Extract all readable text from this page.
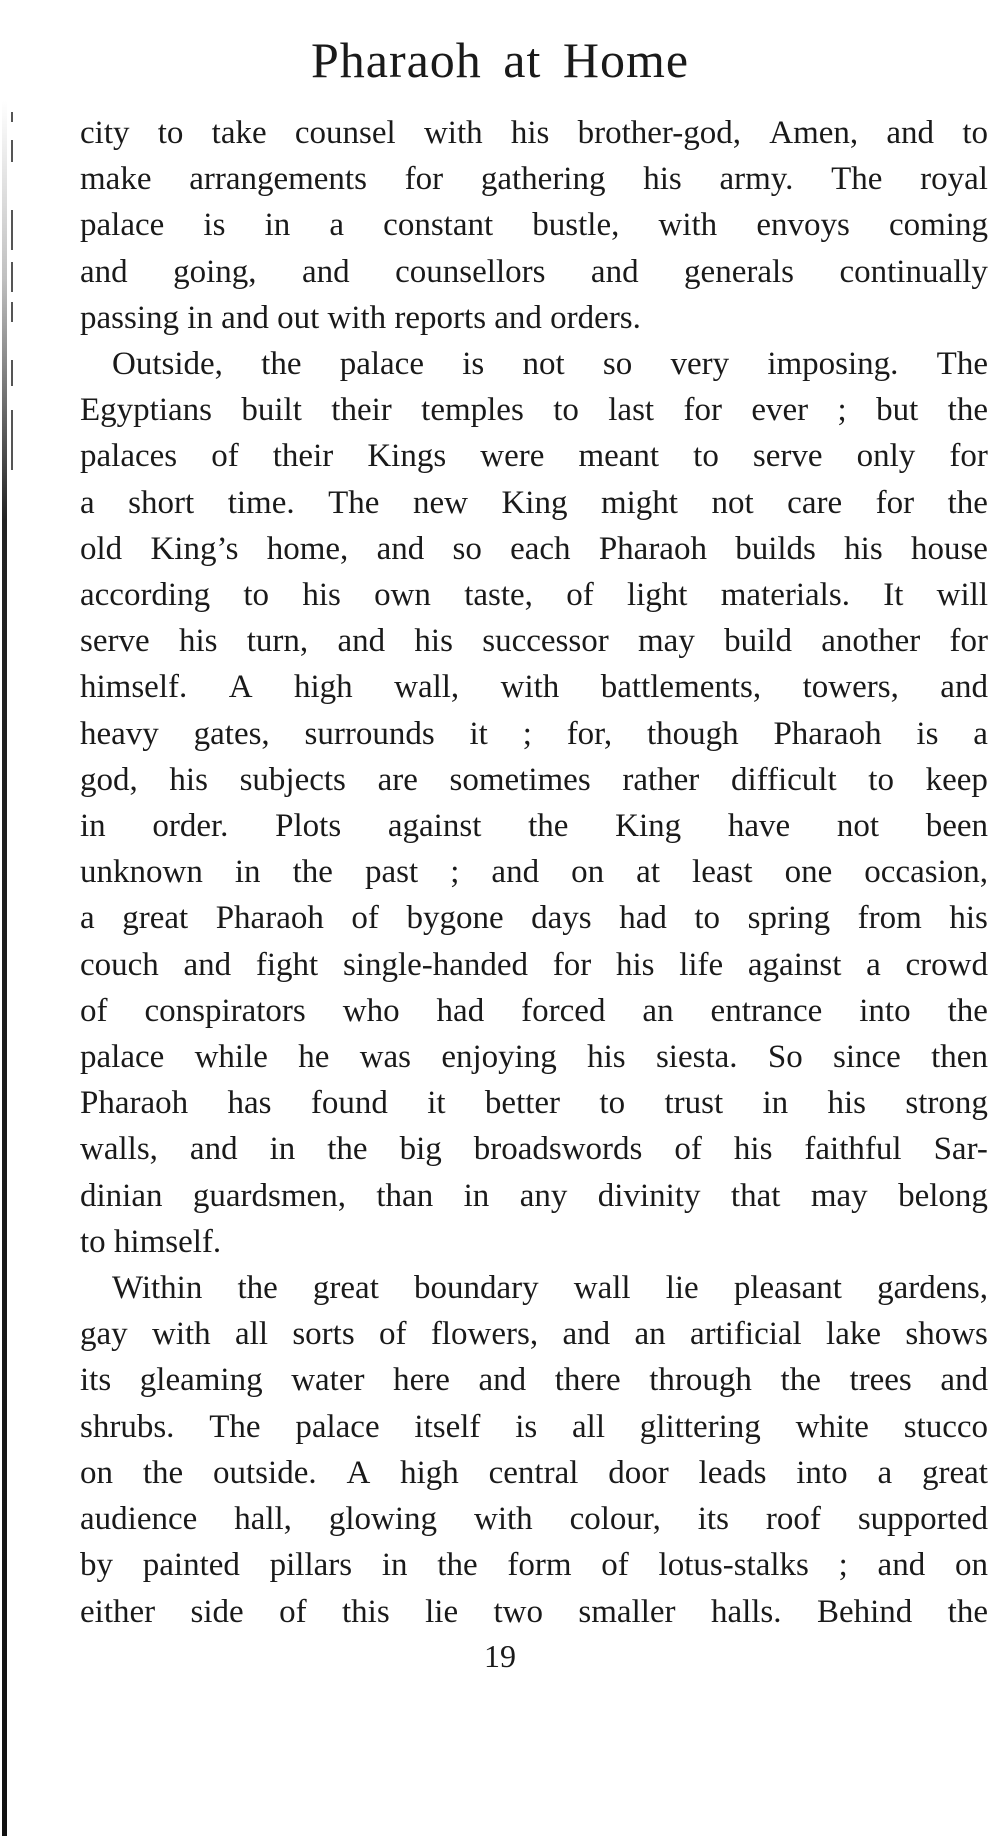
Pharaoh at Home

city to take counsel with his brother-god, Amen, and to
make arrangements for gathering his army. The royal
palace is in a constant bustle, with envoys coming
and going, and counsellors and generals continually
passing in and out with reports and orders.

Outside, the palace is not so very imposing. The
Egyptians built their temples to last for ever ; but the
palaces of their Kings were meant to serve only for
a short time. The new King might not care for the
old King’s home, and so each Pharaoh builds his house
according to his own taste, of light materials. It will
serve his turn, and his successor may build another for
himself. A high wall, with battlements, towers, and
heavy gates, surrounds it ; for, though Pharaoh is a
god, his subjects are sometimes rather difficult to keep
in order. Plots against the King have not been
unknown in the past ; and on at least one occasion,
a great Pharaoh of bygone days had to spring from his
couch and fight single-handed for his life against a crowd
of conspirators who had forced an entrance into the
palace while he was enjoying his siesta. So since then
Pharaoh has found it better to trust in his strong
walls, and in the big broadswords of his faithful Sar-
dinian guardsmen, than in any divinity that may belong
to himself.

Within the great boundary wall lie pleasant gardens,
gay with all sorts of flowers, and an artificial lake shows
its gleaming water here and there through the trees and
shrubs. The palace itself is all glittering white stucco
on the outside. A high central door leads into a great
audience hall, glowing with colour, its roof supported
by painted pillars in the form of lotus-stalks ; and on
either side of this lie two smaller halls. Behind the

19
